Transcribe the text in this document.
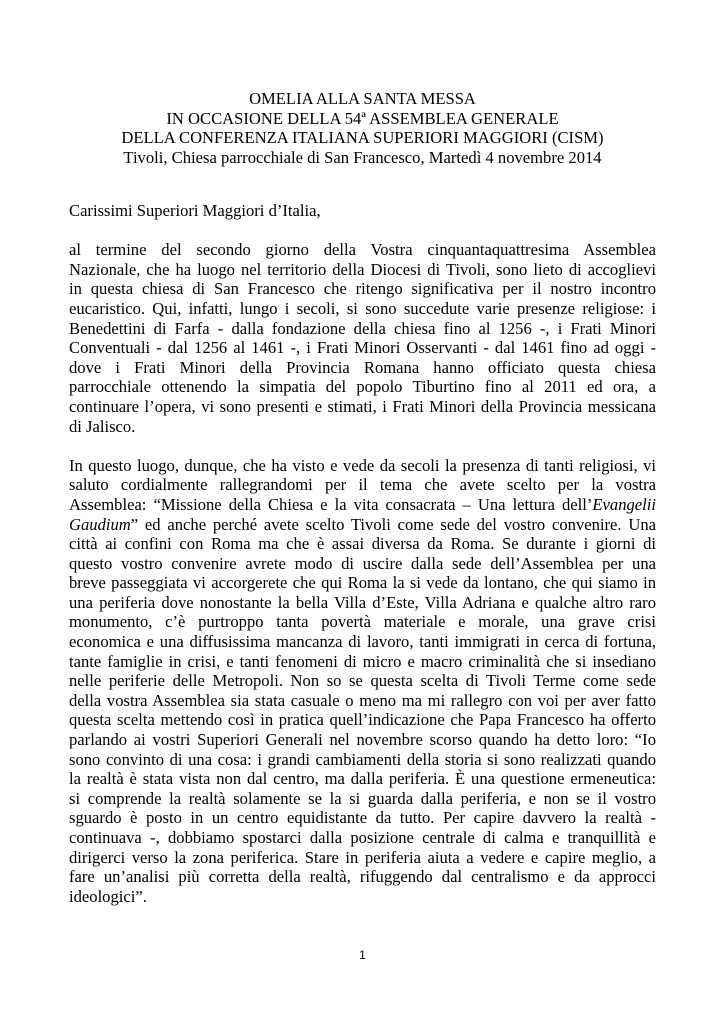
OMELIA ALLA SANTA MESSA
IN OCCASIONE DELLA 54ª ASSEMBLEA GENERALE
DELLA CONFERENZA ITALIANA SUPERIORI MAGGIORI (CISM)
Tivoli, Chiesa parrocchiale di San Francesco, Martedì 4 novembre 2014

Carissimi Superiori Maggiori d’Italia,

al termine del secondo giorno della Vostra cinquantaquattresima Assemblea
Nazionale, che ha luogo nel territorio della Diocesi di Tivoli, sono lieto di accoglievi
in questa chiesa di San Francesco che ritengo significativa per il nostro incontro
eucaristico. Qui, infatti, lungo i secoli, si sono succedute varie presenze religiose: i
Benedettini di Farfa - dalla fondazione della chiesa fino al 1256 -, i Frati Minori
Conventuali - dal 1256 al 1461 -, i Frati Minori Osservanti - dal 1461 fino ad oggi -
dove i Frati Minori della Provincia Romana hanno officiato questa chiesa
parrocchiale ottenendo la simpatia del popolo Tiburtino fino al 2011 ed ora, a
continuare l’opera, vi sono presenti e stimati, i Frati Minori della Provincia messicana
di Jalisco.

In questo luogo, dunque, che ha visto e vede da secoli la presenza di tanti religiosi, vi
saluto cordialmente rallegrandomi per il tema che avete scelto per la vostra
Assemblea: “Missione della Chiesa e la vita consacrata – Una lettura dell’Evangelii
Gaudium” ed anche perché avete scelto Tivoli come sede del vostro convenire. Una
città ai confini con Roma ma che è assai diversa da Roma. Se durante i giorni di
questo vostro convenire avrete modo di uscire dalla sede dell’Assemblea per una
breve passeggiata vi accorgerete che qui Roma la si vede da lontano, che qui siamo in
una periferia dove nonostante la bella Villa d’Este, Villa Adriana e qualche altro raro
monumento, c’è purtroppo tanta povertà materiale e morale, una grave crisi
economica e una diffusissima mancanza di lavoro, tanti immigrati in cerca di fortuna,
tante famiglie in crisi, e tanti fenomeni di micro e macro criminalità che si insediano
nelle periferie delle Metropoli. Non so se questa scelta di Tivoli Terme come sede
della vostra Assemblea sia stata casuale o meno ma mi rallegro con voi per aver fatto
questa scelta mettendo così in pratica quell’indicazione che Papa Francesco ha offerto
parlando ai vostri Superiori Generali nel novembre scorso quando ha detto loro: “Io
sono convinto di una cosa: i grandi cambiamenti della storia si sono realizzati quando
la realtà è stata vista non dal centro, ma dalla periferia. È una questione ermeneutica:
si comprende la realtà solamente se la si guarda dalla periferia, e non se il vostro
sguardo è posto in un centro equidistante da tutto. Per capire davvero la realtà -
continuava -, dobbiamo spostarci dalla posizione centrale di calma e tranquillità e
dirigerci verso la zona periferica. Stare in periferia aiuta a vedere e capire meglio, a
fare un’analisi più corretta della realtà, rifuggendo dal centralismo e da approcci
ideologici”.

1
